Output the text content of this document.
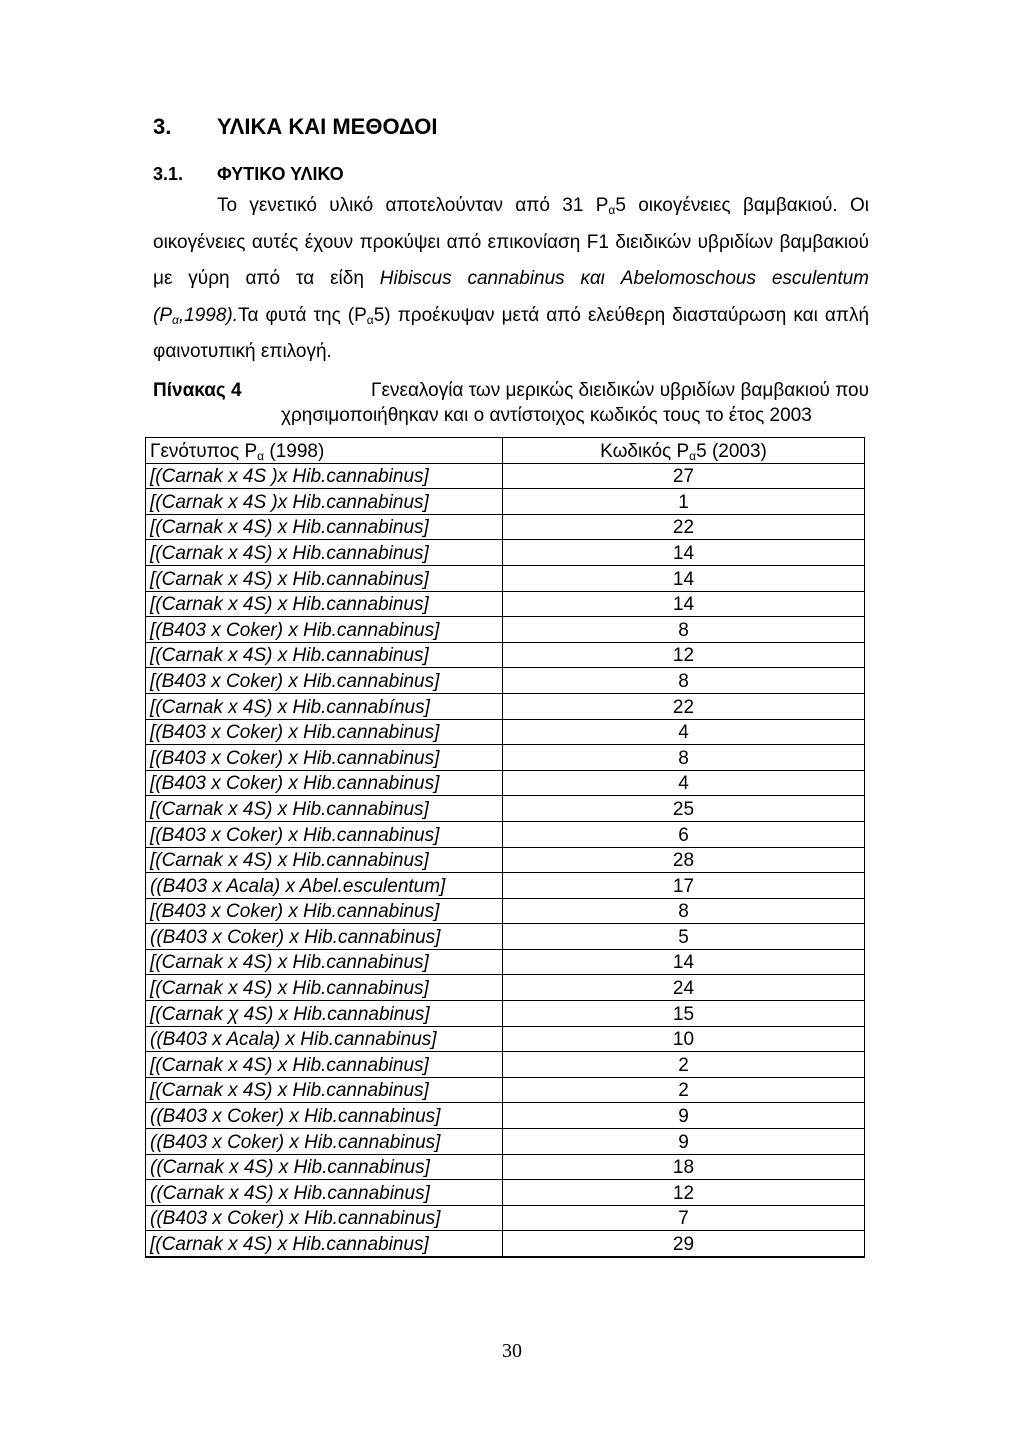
3. ΥΛΙΚΑ ΚΑΙ ΜΕΘΟΔΟΙ
3.1. ΦΥΤΙΚΟ ΥΛΙΚΟ
Το γενετικό υλικό αποτελούνταν από 31 $P_\alpha 5$ οικογένειες βαμβακιού. Οι οικογένειες αυτές έχουν προκύψει από επικονίαση F1 διειδικών υβριδίων βαμβακιού με γύρη από τα είδη Hibiscus cannabinus και Abelomoschous esculentum $(P_\alpha,1998).T\alpha$ φυτά της $(P_\alpha 5)$ προέκυψαν μετά από ελεύθερη διασταύρωση και απλή φαινοτυπική επιλογή.
Πίνακας 4	Γενεαλογία των μερικώς διειδικών υβριδίων βαμβακιού που
χρησιμοποιήθηκαν και ο αντίστοιχος κωδικός τους το έτος 2003
Γενότυπος $P_\alpha$ (1998)	Κωδικός $P_\alpha 5$ (2003)
[(Carnak x 4S )x Hib.cannabinus]	27
[(Carnak x 4S )x Hib.cannabinus]	1
[(Carnak x 4S) x Hib.cannabinus]	22
[(Carnak x 4S) x Hib.cannabinus]	14
[(Carnak x 4S) x Hib.cannabinus]	14
[(Carnak x 4S) x Hib.cannabinus]	14
[(B403 x Coker) x Hib.cannabinus]	8
[(Carnak x 4S) x Hib.cannabinus]	12
[(B403 x Coker) x Hib.cannabinus]	8
[(Carnak x 4S) x Hib.cannabínus]	22
[(B403 x Coker) x Hib.cannabinus]	4
[(B403 x Coker) x Hib.cannabinus]	8
[(B403 x Coker) x Hib.cannabinus]	4
[(Carnak x 4S) x Hib.cannabinus]	25
[(B403 x Coker) x Hib.cannabinus]	6
[(Carnak x 4S) x Hib.cannabinus]	28
((B403 x Acala) x Abel.esculentum]	17
[(B403 x Coker) x Hib.cannabinus]	8
((B403 x Coker) x Hib.cannabinus]	5
[(Carnak x 4S) x Hib.cannabinus]	14
[(Carnak x 4S) x Hib.cannabinus]	24
[(Carnak χ 4S) x Hib.cannabinus]	15
((B403 x Acala) x Hib.cannabinus]	10
[(Carnak x 4S) x Hib.cannabinus]	2
[(Carnak x 4S) x Hib.cannabinus]	2
((B403 x Coker) x Hib.cannabinus]	9
((B403 x Coker) x Hib.cannabinus]	9
((Carnak x 4S) x Hib.cannabinus]	18
((Carnak x 4S) x Hib.cannabinus]	12
((B403 x Coker) x Hib.cannabinus]	7
[(Carnak x 4S) x Hib.cannabinus]	29

30
